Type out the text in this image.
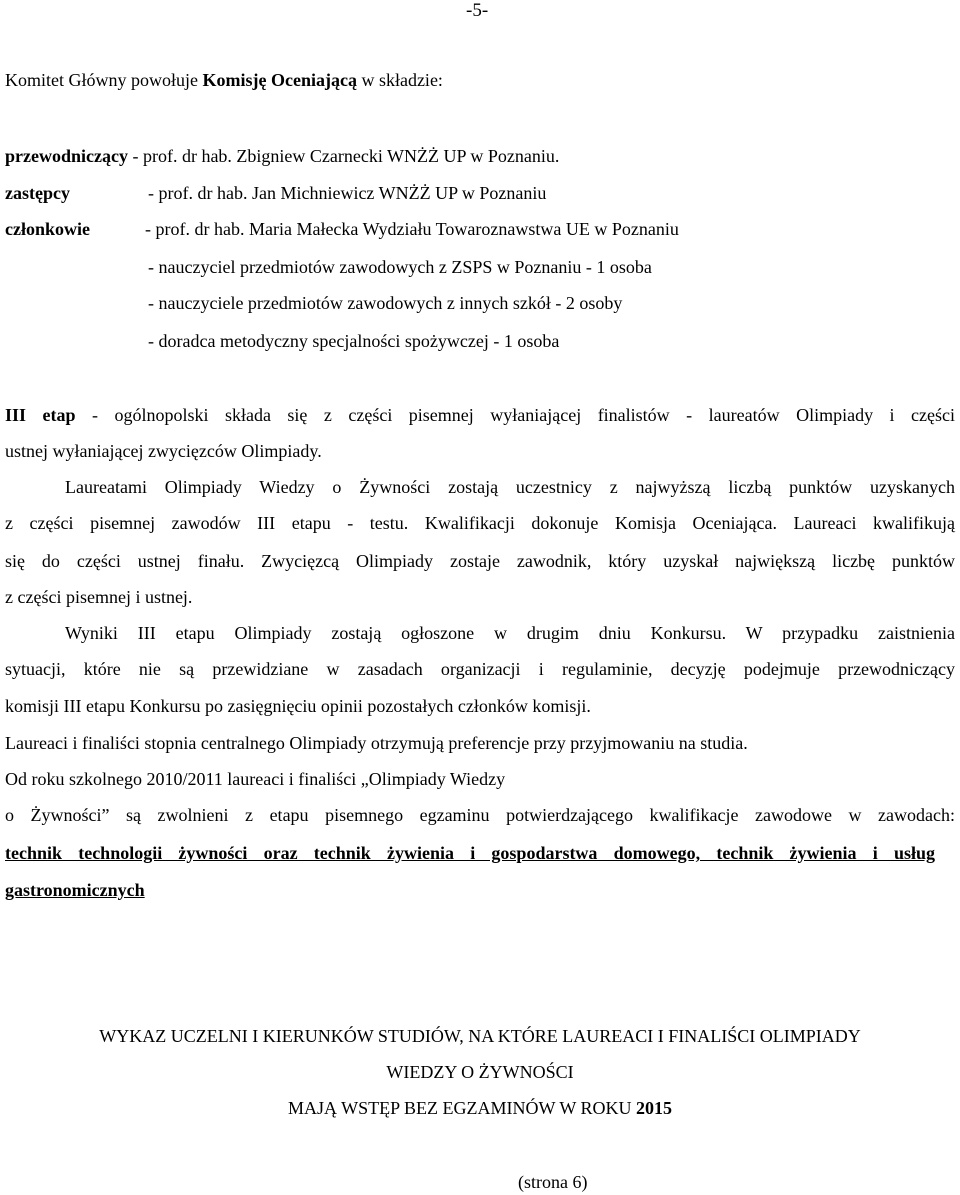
-5-
Komitet Główny powołuje Komisję Oceniającą w składzie:
przewodniczący - prof. dr hab. Zbigniew Czarnecki WNŻŻ UP w Poznaniu.
zastępcy	- prof. dr hab. Jan Michniewicz WNŻŻ UP w Poznaniu
członkowie	- prof. dr hab. Maria Małecka Wydziału Towaroznawstwa UE w Poznaniu
- nauczyciel przedmiotów zawodowych z ZSPS w Poznaniu - 1 osoba
- nauczyciele przedmiotów zawodowych z innych szkół - 2 osoby
- doradca metodyczny specjalności spożywczej - 1 osoba
III etap - ogólnopolski składa się z części pisemnej wyłaniającej finalistów - laureatów Olimpiady i części
ustnej wyłaniającej zwycięzców Olimpiady.
Laureatami Olimpiady Wiedzy o Żywności zostają uczestnicy z najwyższą liczbą punktów uzyskanych
z części pisemnej zawodów III etapu - testu. Kwalifikacji dokonuje Komisja Oceniająca. Laureaci kwalifikują
się do części ustnej finału. Zwycięzcą Olimpiady zostaje zawodnik, który uzyskał największą liczbę punktów
z części pisemnej i ustnej.
Wyniki III etapu Olimpiady zostają ogłoszone w drugim dniu Konkursu. W przypadku zaistnienia
sytuacji, które nie są przewidziane w zasadach organizacji i regulaminie, decyzję podejmuje przewodniczący
komisji III etapu Konkursu po zasięgnięciu opinii pozostałych członków komisji.
Laureaci i finaliści stopnia centralnego Olimpiady otrzymują preferencje przy przyjmowaniu na studia.
Od roku szkolnego 2010/2011 laureaci i finaliści „Olimpiady Wiedzy
o Żywności” są zwolnieni z etapu pisemnego egzaminu potwierdzającego kwalifikacje zawodowe w zawodach:
technik technologii żywności oraz technik żywienia i gospodarstwa domowego, technik żywienia i usług
gastronomicznych
WYKAZ UCZELNI I KIERUNKÓW STUDIÓW, NA KTÓRE LAUREACI I FINALIŚCI OLIMPIADY
WIEDZY O ŻYWNOŚCI
MAJĄ WSTĘP BEZ EGZAMINÓW W ROKU 2015
(strona 6)
